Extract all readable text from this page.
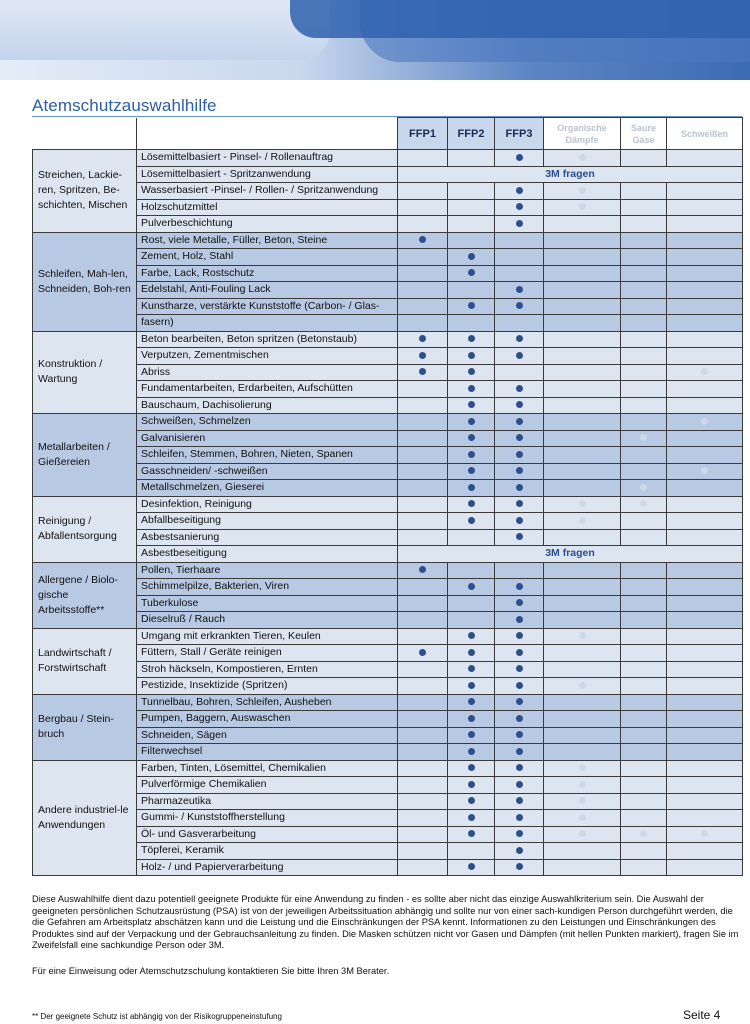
Atemschutzauswahlhilfe
		FFP1	FFP2	FFP3	Organische Dämpfe	Saure Gase	Schweißen
Streichen, Lackie-ren, Spritzen, Be-schichten, Mischen	Lösemittelbasiert - Pinsel- / Rollenauftrag						
	Lösemittelbasiert - Spritzanwendung	3M fragen					
	Wasserbasiert -Pinsel- / Rollen- / Spritzanwendung						
	Holzschutzmittel						
	Pulverbeschichtung						
Schleifen, Mah-len, Schneiden, Boh-ren	Rost, viele Metalle, Füller, Beton, Steine						
	Zement, Holz, Stahl						
	Farbe, Lack, Rostschutz						
	Edelstahl, Anti-Fouling Lack						
	Kunstharze, verstärkte Kunststoffe (Carbon- / Glas-						
	fasern)						
Konstruktion / Wartung	Beton bearbeiten, Beton spritzen (Betonstaub)						
	Verputzen, Zementmischen						
	Abriss						
	Fundamentarbeiten, Erdarbeiten, Aufschütten						
	Bauschaum, Dachisolierung						
Metallarbeiten / Gießereien	Schweißen, Schmelzen						
	Galvanisieren						
	Schleifen, Stemmen, Bohren, Nieten, Spanen						
	Gasschneiden/ -schweißen						
	Metallschmelzen, Gieserei						
Reinigung / Abfallentsorgung	Desinfektion, Reinigung						
	Abfallbeseitigung						
	Asbestsanierung						
	Asbestbeseitigung	3M fragen					
Allergene / Biolo-gische Arbeitsstoffe**	Pollen, Tierhaare						
	Schimmelpilze, Bakterien, Viren						
	Tuberkulose						
	Dieselruß / Rauch						
Landwirtschaft / Forstwirtschaft	Umgang mit erkrankten Tieren, Keulen						
	Füttern, Stall / Geräte reinigen						
	Stroh häckseln, Kompostieren, Ernten						
	Pestizide, Insektizide (Spritzen)						
Bergbau / Stein-bruch	Tunnelbau, Bohren, Schleifen, Ausheben						
	Pumpen, Baggern, Auswaschen						
	Schneiden, Sägen						
	Filterwechsel						
Andere industriel-le Anwendungen	Farben, Tinten, Lösemittel, Chemikalien						
	Pulverförmige Chemikalien						
	Pharmazeutika						
	Gummi- / Kunststoffherstellung						
	Öl- und Gasverarbeitung						
	Töpferei, Keramik						
	Holz- / und Papierverarbeitung						
Diese Auswahlhilfe dient dazu potentiell geeignete Produkte für eine Anwendung zu finden - es sollte aber nicht das einzige Auswahlkriterium sein. Die Auswahl der geeigneten persönlichen Schutzausrüstung (PSA) ist von der jeweiligen Arbeitssituation abhängig und sollte nur von einer sach-kundigen Person durchgeführt werden, die die Gefahren am Arbeitsplatz abschätzen kann und die Leistung und die Einschränkungen der PSA kennt. Informationen zu den Leistungen und Einschränkungen des Produktes sind auf der Verpackung und der Gebrauchsanleitung zu finden. Die Masken schützen nicht vor Gasen und Dämpfen (mit hellen Punkten markiert), fragen Sie im Zweifelsfall eine sachkundige Person oder 3M.
Für eine Einweisung oder Atemschutzschulung kontaktieren Sie bitte Ihren 3M Berater.
** Der geeignete Schutz ist abhängig von der Risikogruppeneinstufung	Seite 4
